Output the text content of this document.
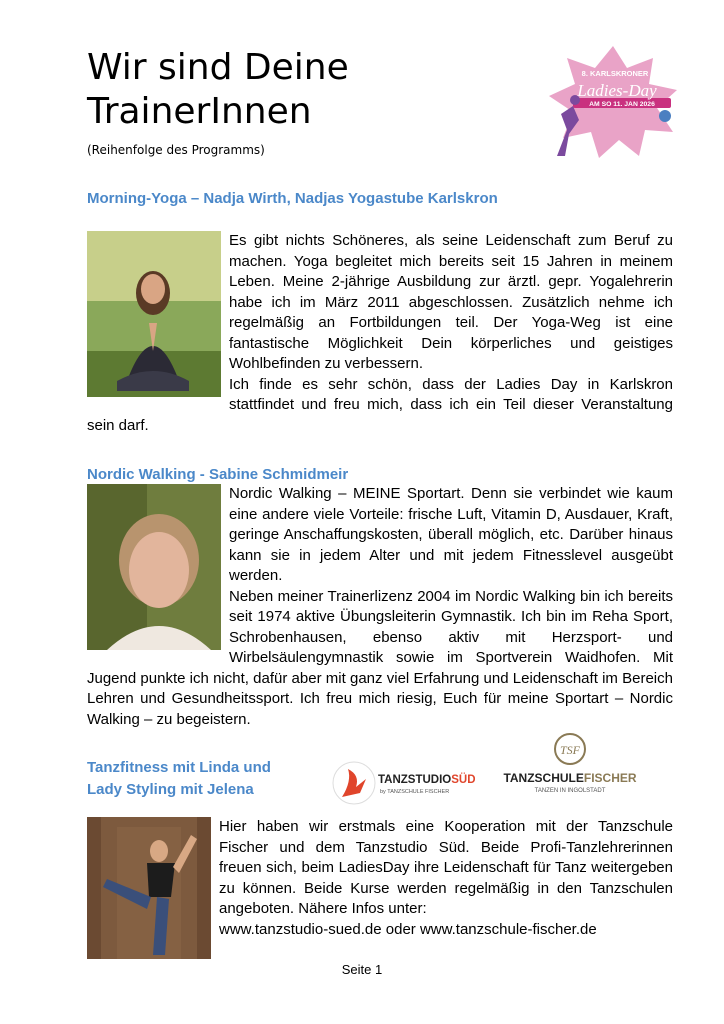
Wir sind Deine
TrainerInnen
(Reihenfolge des Programms)
8. KARLSKRONER
Ladies-Day
AM SO 11. JAN 2026
Morning-Yoga – Nadja Wirth, Nadjas Yogastube Karlskron

Es gibt nichts Schöneres, als seine Leidenschaft zum Beruf zu machen. Yoga begleitet mich bereits seit 15 Jahren in meinem Leben. Meine 2-jährige Ausbildung zur ärztl. gepr. Yogalehrerin habe ich im März 2011 abgeschlossen. Zusätzlich nehme ich regelmäßig an Fortbildungen teil. Der Yoga-Weg ist eine fantastische Möglichkeit Dein körperliches und geistiges Wohlbefinden zu verbessern.

Ich finde es sehr schön, dass der Ladies Day in Karlskron stattfindet und freu mich, dass ich ein Teil dieser Veranstaltung sein darf.

Nordic Walking - Sabine Schmidmeir

Nordic Walking – MEINE Sportart. Denn sie verbindet wie kaum eine andere viele Vorteile: frische Luft, Vitamin D, Ausdauer, Kraft, geringe Anschaffungskosten, überall möglich, etc. Darüber hinaus kann sie in jedem Alter und mit jedem Fitnesslevel ausgeübt werden.

Neben meiner Trainerlizenz 2004 im Nordic Walking bin ich bereits seit 1974 aktive Übungsleiterin Gymnastik. Ich bin im Reha Sport, Schrobenhausen, ebenso aktiv mit Herzsport- und Wirbelsäulengymnastik sowie im Sportverein Waidhofen. Mit Jugend punkte ich nicht, dafür aber mit ganz viel Erfahrung und Leidenschaft im Bereich Lehren und Gesundheitssport. Ich freu mich riesig, Euch für meine Sportart – Nordic Walking – zu begeistern.

Tanzfitness mit Linda und
Lady Styling mit Jelena
TANZSTUDIOSÜD
by TANZSCHULE FISCHER
TSF
TANZSCHULEFISCHER
TANZEN IN INGOLSTADT

Hier haben wir erstmals eine Kooperation mit der Tanzschule Fischer und dem Tanzstudio Süd. Beide Profi-Tanzlehrerinnen freuen sich, beim LadiesDay ihre Leidenschaft für Tanz weitergeben zu können. Beide Kurse werden regelmäßig in den Tanzschulen angeboten. Nähere Infos unter:

www.tanzstudio-sued.de oder www.tanzschule-fischer.de

Seite 1
